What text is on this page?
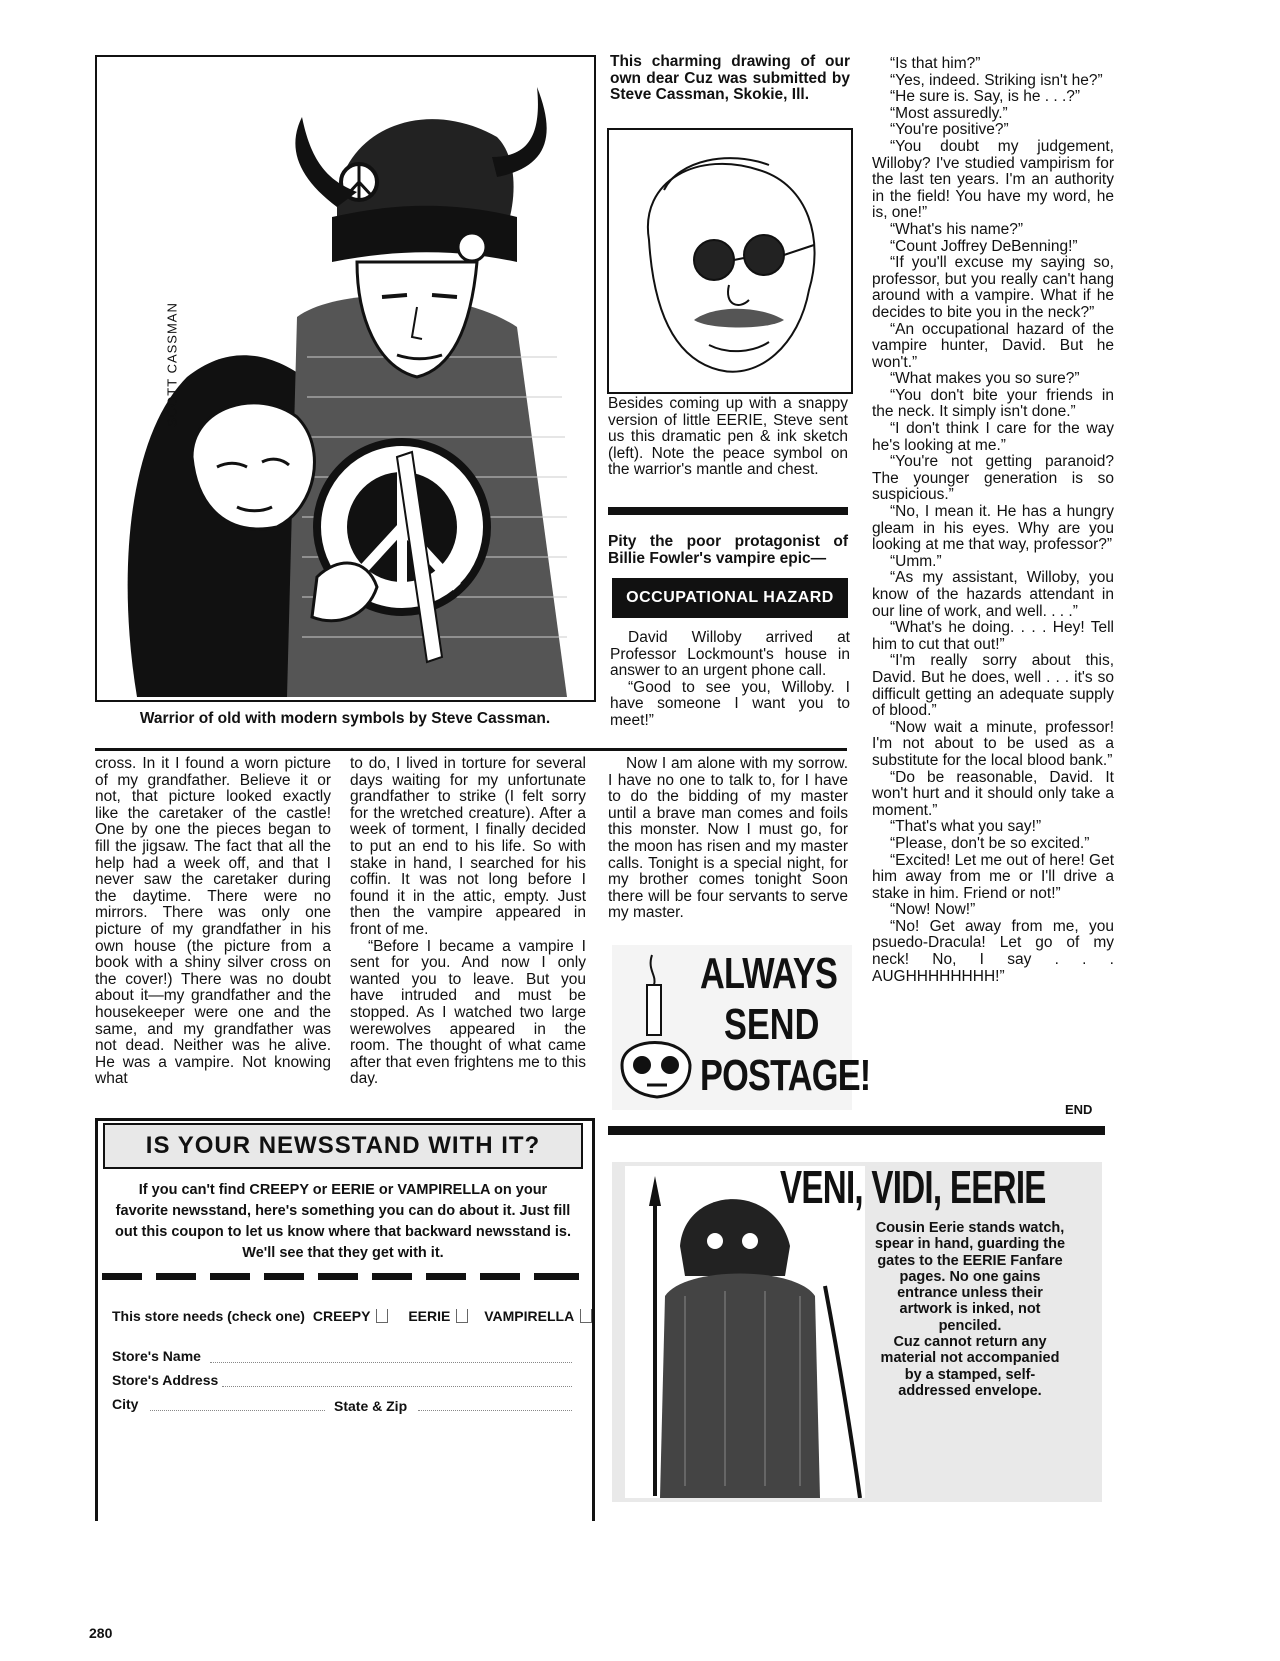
SCOTT CASSMAN
Warrior of old with modern symbols by Steve Cassman.
This charming drawing of our own dear Cuz was submitted by Steve Cassman, Skokie, Ill.
Besides coming up with a snappy version of little EERIE, Steve sent us this dramatic pen & ink sketch (left). Note the peace symbol on the warrior's mantle and chest.
Pity the poor protagonist of Billie Fowler's vampire epic—
OCCUPATIONAL HAZARD

David Willoby arrived at Professor Lockmount's house in answer to an urgent phone call.

“Good to see you, Willoby. I have someone I want you to meet!”

“Is that him?”

“Yes, indeed. Striking isn't he?”

“He sure is. Say, is he . . .?”

“Most assuredly.”

“You're positive?”

“You doubt my judgement, Willoby? I've studied vampirism for the last ten years. I'm an authority in the field! You have my word, he is, one!”

“What's his name?”

“Count Joffrey DeBenning!”

“If you'll excuse my saying so, professor, but you really can't hang around with a vampire. What if he decides to bite you in the neck?”

“An occupational hazard of the vampire hunter, David. But he won't.”

“What makes you so sure?”

“You don't bite your friends in the neck. It simply isn't done.”

“I don't think I care for the way he's looking at me.”

“You're not getting paranoid? The younger generation is so suspicious.”

“No, I mean it. He has a hungry gleam in his eyes. Why are you looking at me that way, professor?”

“Umm.”

“As my assistant, Willoby, you know of the hazards attendant in our line of work, and well. . . .”

“What's he doing. . . . Hey! Tell him to cut that out!”

“I'm really sorry about this, David. But he does, well . . . it's so difficult getting an adequate supply of blood.”

“Now wait a minute, professor! I'm not about to be used as a substitute for the local blood bank.”

“Do be reasonable, David. It won't hurt and it should only take a moment.”

“That's what you say!”

“Please, don't be so excited.”

“Excited! Let me out of here! Get him away from me or I'll drive a stake in him. Friend or not!”

“Now! Now!”

“No! Get away from me, you psuedo-Dracula! Let go of my neck! No, I say . . . AUGHHHHHHHH!”

END

cross. In it I found a worn picture of my grandfather. Believe it or not, that picture looked exactly like the caretaker of the castle! One by one the pieces began to fill the jigsaw. The fact that all the help had a week off, and that I never saw the caretaker during the daytime. There were no mirrors. There was only one picture of my grandfather in his own house (the picture from a book with a shiny silver cross on the cover!) There was no doubt about it—my grandfather and the housekeeper were one and the same, and my grandfather was not dead. Neither was he alive. He was a vampire. Not knowing what

to do, I lived in torture for several days waiting for my unfortunate grandfather to strike (I felt sorry for the wretched creature). After a week of torment, I finally decided to put an end to his life. So with stake in hand, I searched for his coffin. It was not long before I found it in the attic, empty. Just then the vampire appeared in front of me.

“Before I became a vampire I sent for you. And now I only wanted you to leave. But you have intruded and must be stopped. As I watched two large werewolves appeared in the room. The thought of what came after that even frightens me to this day.

Now I am alone with my sorrow. I have no one to talk to, for I have to do the bidding of my master until a brave man comes and foils this monster. Now I must go, for the moon has risen and my master calls. Tonight is a special night, for my brother comes tonight Soon there will be four servants to serve my master.

ALWAYS
SEND
POSTAGE!
IS YOUR NEWSSTAND WITH IT?
If you can't find CREEPY or EERIE or VAMPIRELLA on your favorite newsstand, here's something you can do about it. Just fill out this coupon to let us know where that backward newsstand is. We'll see that they get with it.
This store needs (check one) CREEPY	EERIE VAMPIRELLA
Store's Name
Store's Address
City	State & Zip
VENI, VIDI, EERIE
Cousin Eerie stands watch, spear in hand, guarding the gates to the EERIE Fanfare pages. No one gains entrance unless their artwork is inked, not penciled.
Cuz cannot return any material not accompanied by a stamped, self-addressed envelope.
280
